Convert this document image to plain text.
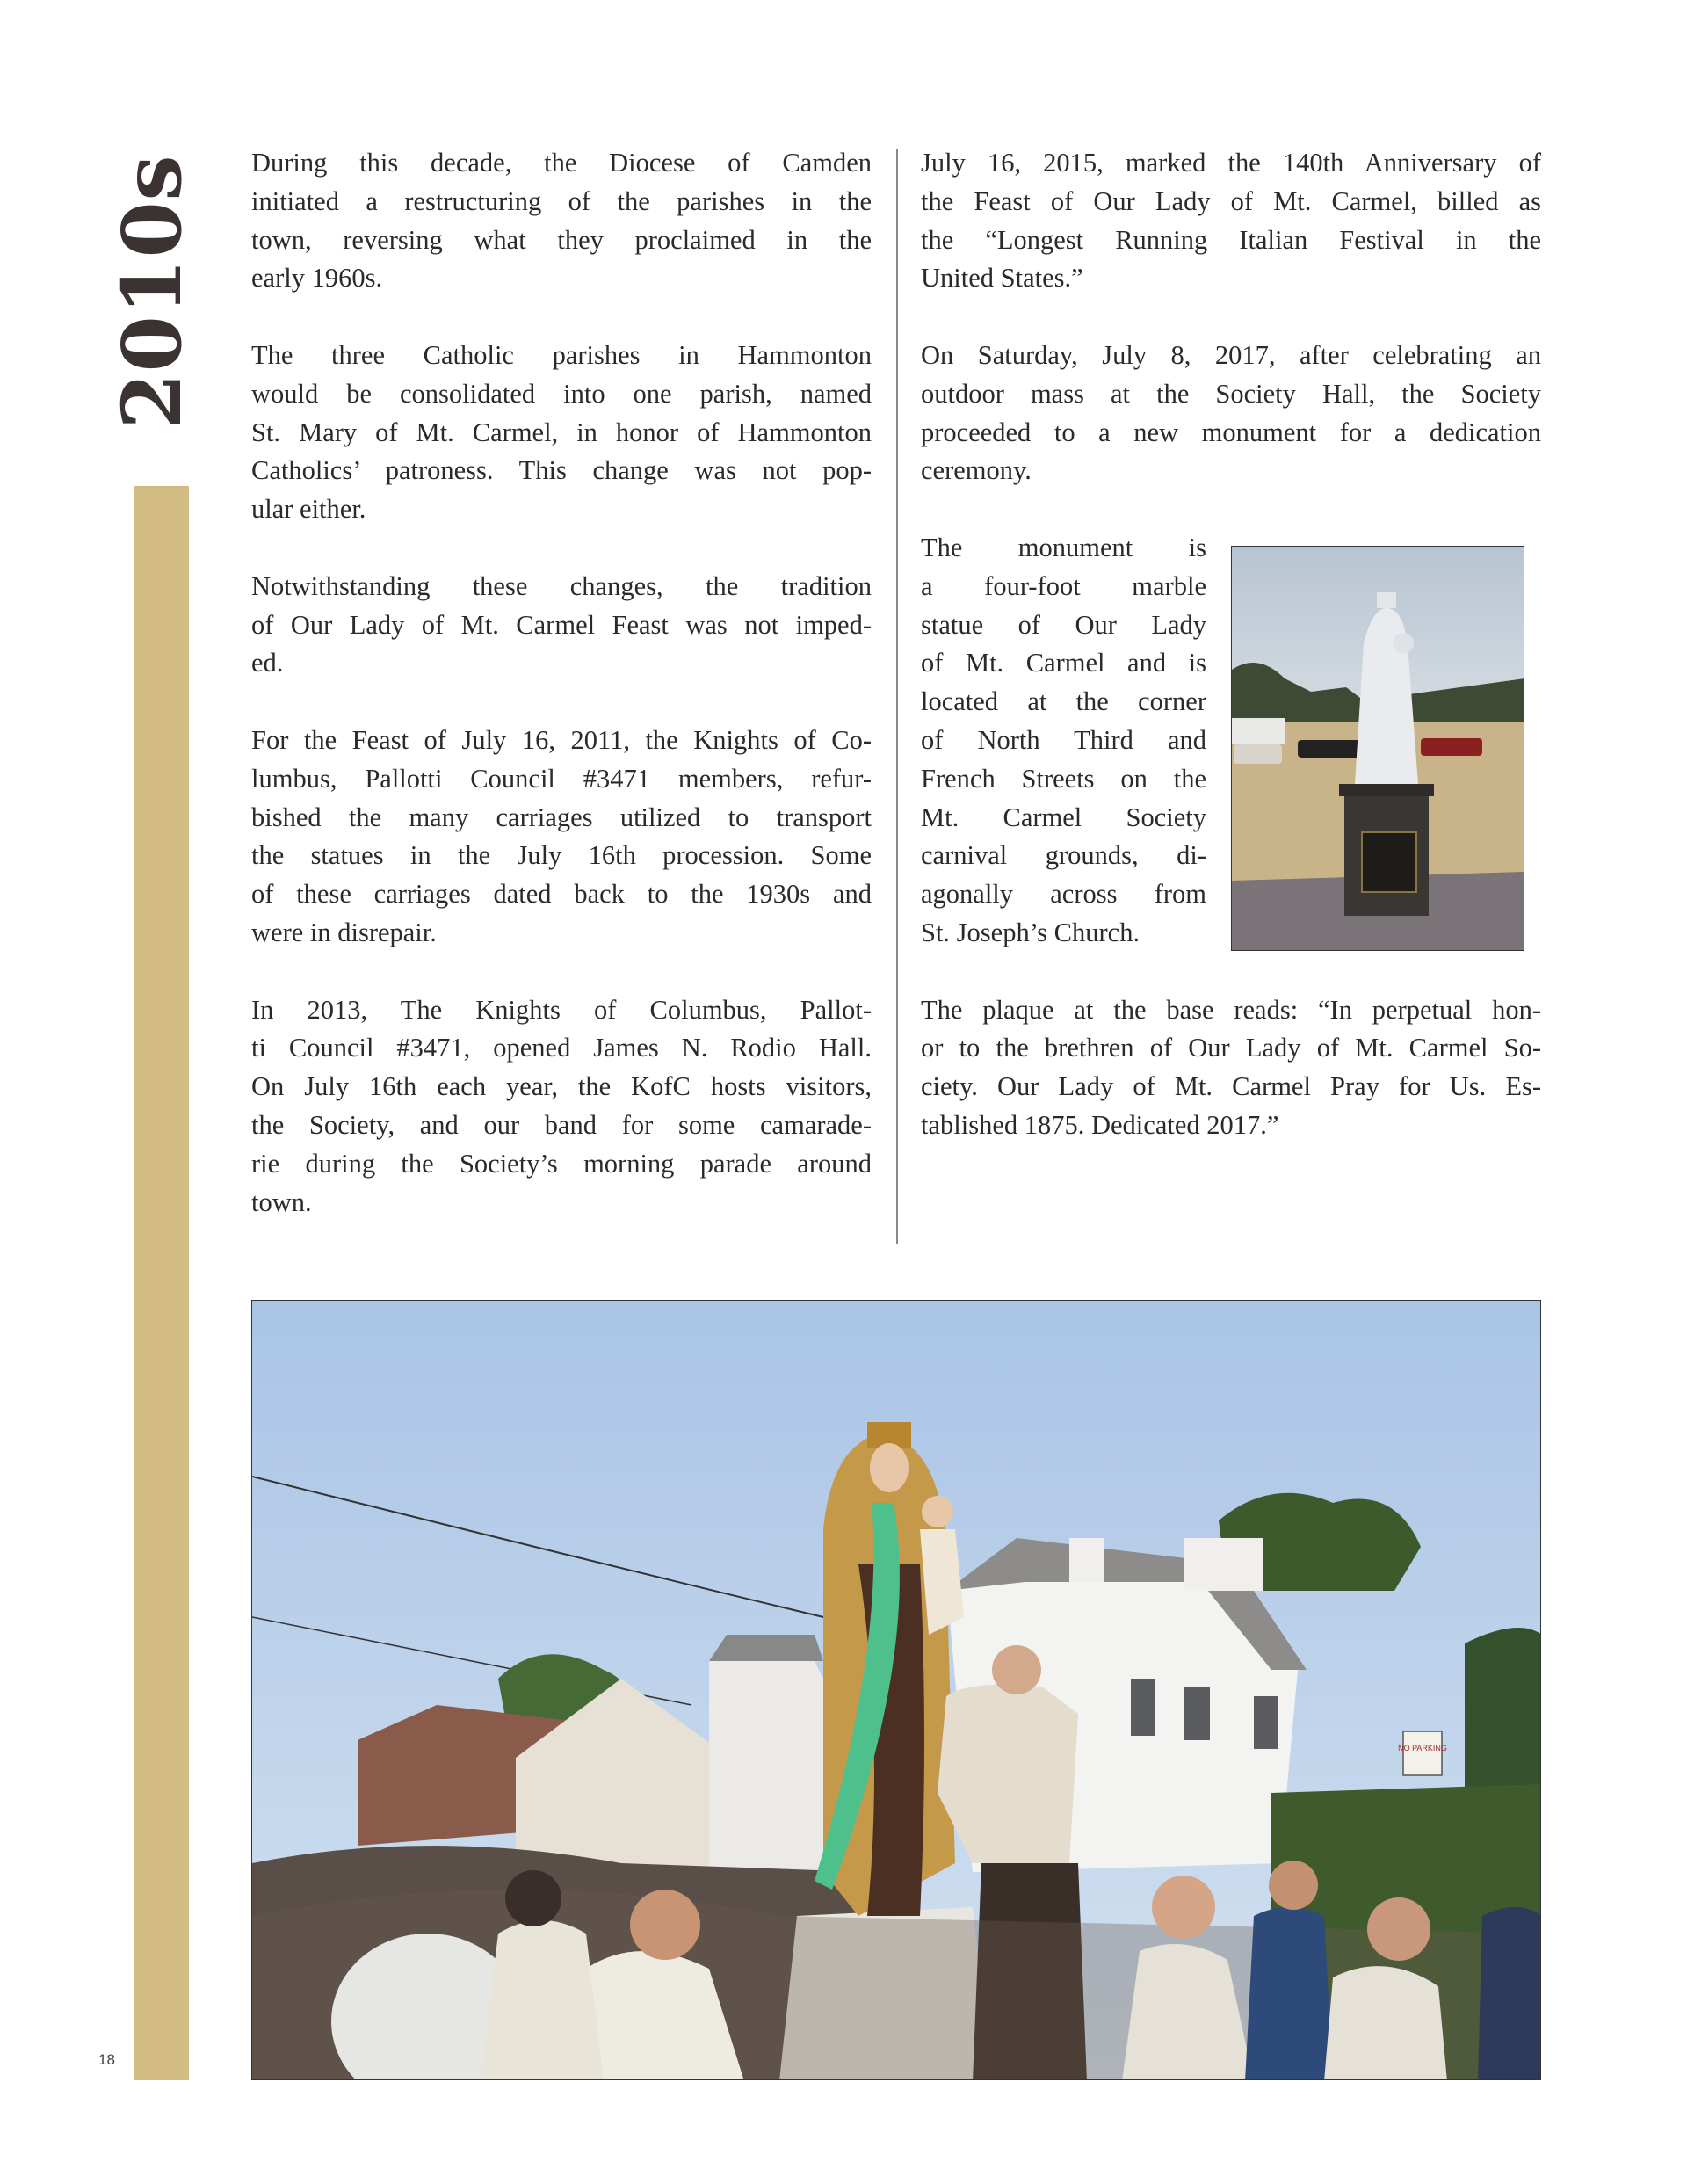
2010s
18
During this decade, the Diocese of Camden
initiated a restructuring of the parishes in the
town, reversing what they proclaimed in the
early 1960s.
The three Catholic parishes in Hammonton
would be consolidated into one parish, named
St. Mary of Mt. Carmel, in honor of Hammonton
Catholics’ patroness. This change was not pop-
ular either.
Notwithstanding these changes, the tradition
of Our Lady of Mt. Carmel Feast was not imped-
ed.
For the Feast of July 16, 2011, the Knights of Co-
lumbus, Pallotti Council #3471 members, refur-
bished the many carriages utilized to transport
the statues in the July 16th procession. Some
of these carriages dated back to the 1930s and
were in disrepair.
In 2013, The Knights of Columbus, Pallot-
ti Council #3471, opened James N. Rodio Hall.
On July 16th each year, the KofC hosts visitors,
the Society, and our band for some camarade-
rie during the Society’s morning parade around
town.
July 16, 2015, marked the 140th Anniversary of
the Feast of Our Lady of Mt. Carmel, billed as
the “Longest Running Italian Festival in the
United States.”
On Saturday, July 8, 2017, after celebrating an
outdoor mass at the Society Hall, the Society
proceeded to a new monument for a dedication
ceremony.
The monument is
a four-foot marble
statue of Our Lady
of Mt. Carmel and is
located at the corner
of North Third and
French Streets on the
Mt. Carmel Society
carnival grounds, di-
agonally across from
St. Joseph’s Church.
The plaque at the base reads: “In perpetual hon-
or to the brethren of Our Lady of Mt. Carmel So-
ciety. Our Lady of Mt. Carmel Pray for Us. Es-
tablished 1875. Dedicated 2017.”
NO PARKING
